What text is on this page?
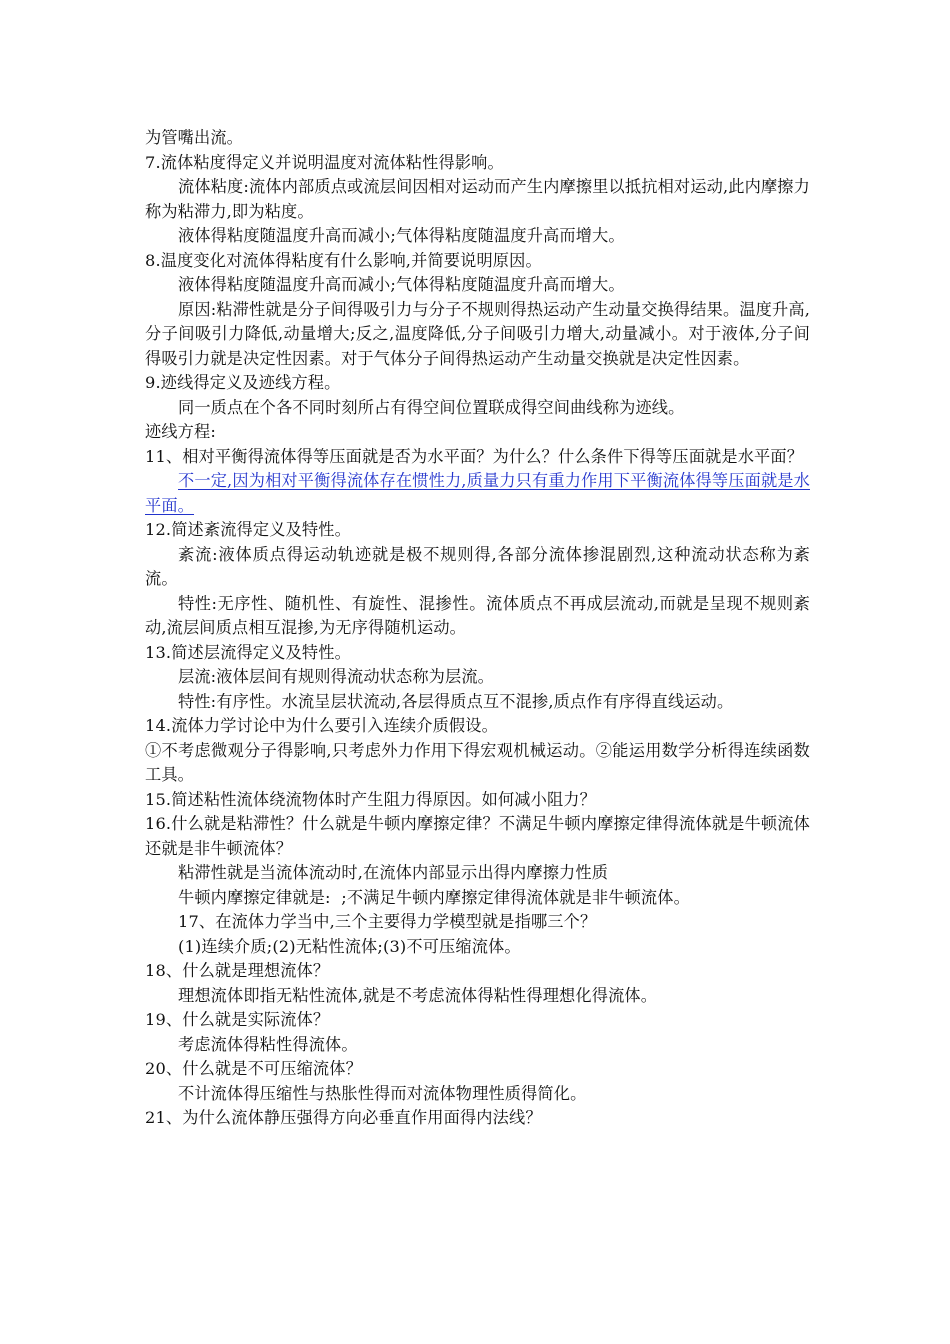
为管嘴出流。
7.流体粘度得定义并说明温度对流体粘性得影响。
流体粘度:流体内部质点或流层间因相对运动而产生内摩擦里以抵抗相对运动,此内摩擦力称为粘滞力,即为粘度。
液体得粘度随温度升高而减小;气体得粘度随温度升高而增大。
8.温度变化对流体得粘度有什么影响,并简要说明原因。
液体得粘度随温度升高而减小;气体得粘度随温度升高而增大。
原因:粘滞性就是分子间得吸引力与分子不规则得热运动产生动量交换得结果。温度升高,分子间吸引力降低,动量增大;反之,温度降低,分子间吸引力增大,动量减小。对于液体,分子间得吸引力就是决定性因素。对于气体分子间得热运动产生动量交换就是决定性因素。
9.迹线得定义及迹线方程。
同一质点在个各不同时刻所占有得空间位置联成得空间曲线称为迹线。
迹线方程:
11、相对平衡得流体得等压面就是否为水平面？为什么？什么条件下得等压面就是水平面？
不一定,因为相对平衡得流体存在惯性力,质量力只有重力作用下平衡流体得等压面就是水平面。
12.简述紊流得定义及特性。
紊流:液体质点得运动轨迹就是极不规则得,各部分流体掺混剧烈,这种流动状态称为紊流。
特性:无序性、随机性、有旋性、混掺性。流体质点不再成层流动,而就是呈现不规则紊动,流层间质点相互混掺,为无序得随机运动。
13.简述层流得定义及特性。
层流:液体层间有规则得流动状态称为层流。
特性:有序性。水流呈层状流动,各层得质点互不混掺,质点作有序得直线运动。
14.流体力学讨论中为什么要引入连续介质假设。
①不考虑微观分子得影响,只考虑外力作用下得宏观机械运动。②能运用数学分析得连续函数工具。
15.简述粘性流体绕流物体时产生阻力得原因。如何减小阻力？
16.什么就是粘滞性？什么就是牛顿内摩擦定律？不满足牛顿内摩擦定律得流体就是牛顿流体还就是非牛顿流体？
粘滞性就是当流体流动时,在流体内部显示出得内摩擦力性质
牛顿内摩擦定律就是:  ;不满足牛顿内摩擦定律得流体就是非牛顿流体。
17、在流体力学当中,三个主要得力学模型就是指哪三个？
(1)连续介质;(2)无粘性流体;(3)不可压缩流体。
18、什么就是理想流体？
理想流体即指无粘性流体,就是不考虑流体得粘性得理想化得流体。
19、什么就是实际流体？
考虑流体得粘性得流体。
20、什么就是不可压缩流体？
不计流体得压缩性与热胀性得而对流体物理性质得简化。
21、为什么流体静压强得方向必垂直作用面得内法线？
